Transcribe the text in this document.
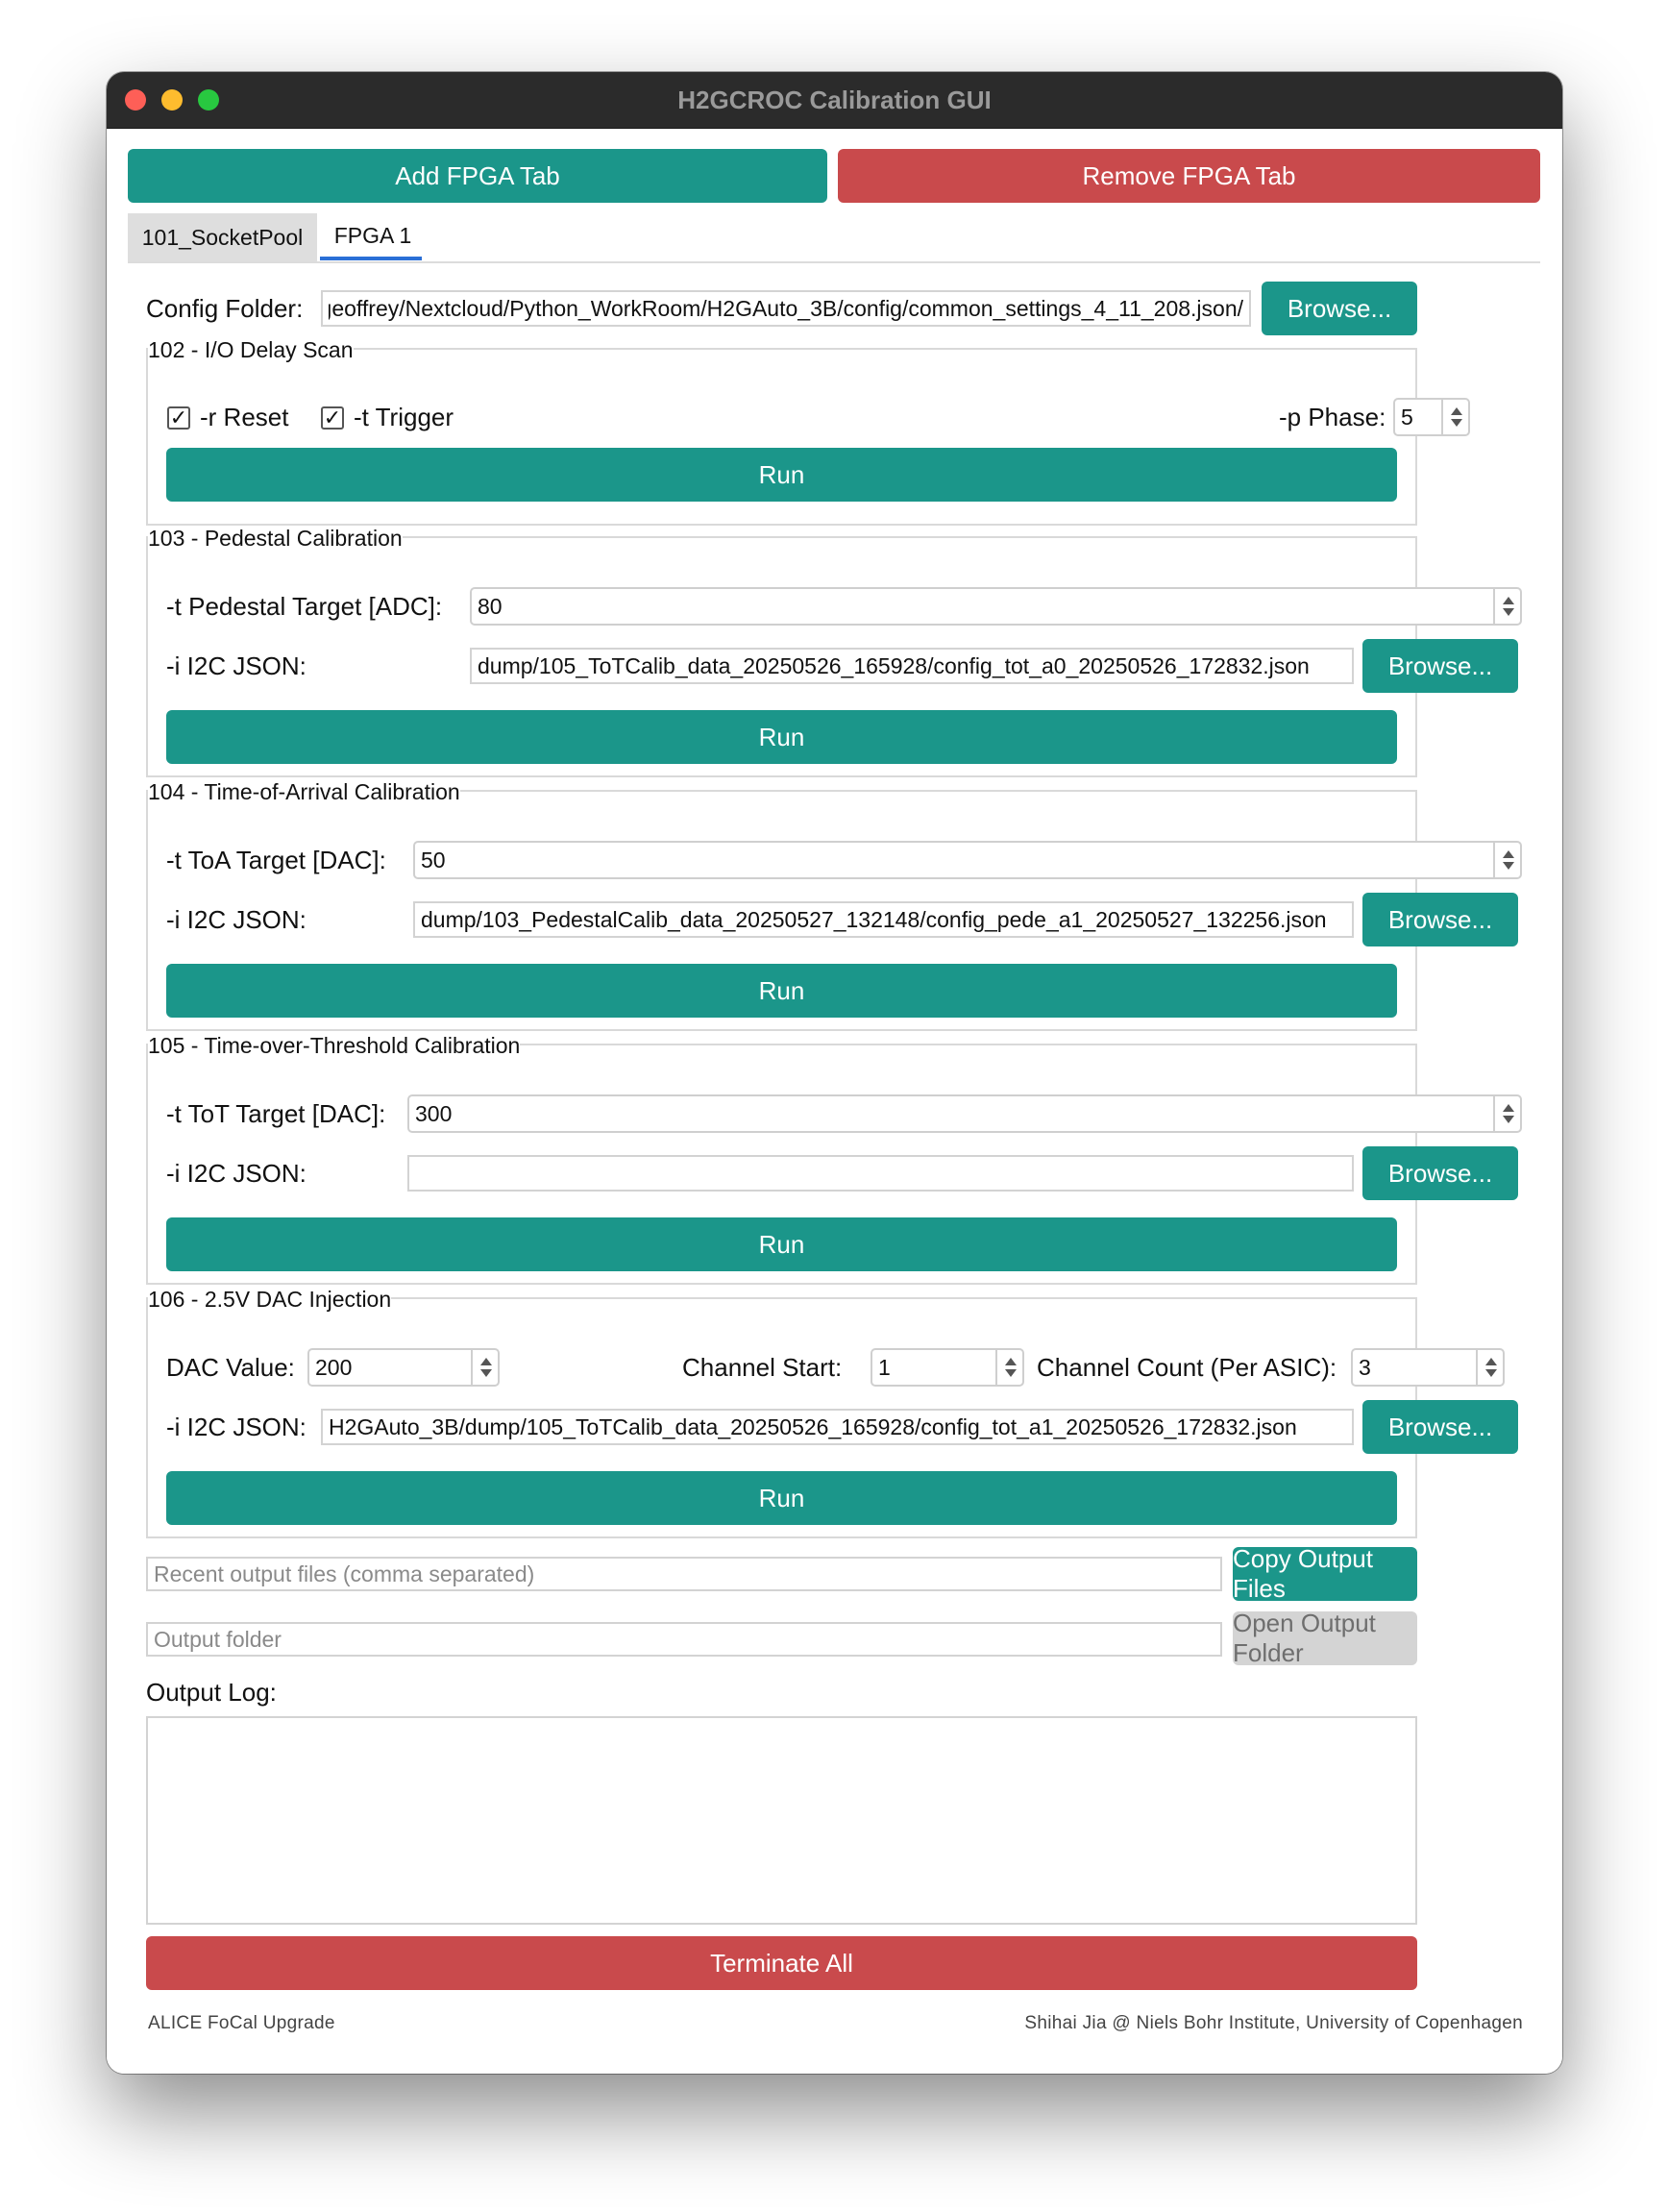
H2GCROC Calibration GUI
Add FPGA Tab	Remove FPGA Tab
101_SocketPool	FPGA 1
Config Folder:
/Users/geoffrey/Nextcloud/Python_WorkRoom/H2GAuto_3B/config/common_settings_4_11_208.json	Browse...
✓ -r Reset ✓ -t Trigger	-p Phase:
5
Run
102 - I/O Delay Scan
-t Pedestal Target [ADC]:
80
-i I2C JSON:
dump/105_ToTCalib_data_20250526_165928/config_tot_a0_20250526_172832.json	Browse...
Run
103 - Pedestal Calibration
-t ToA Target [DAC]:
50
-i I2C JSON:
dump/103_PedestalCalib_data_20250527_132148/config_pede_a1_20250527_132256.json	Browse...
Run
104 - Time-of-Arrival Calibration
-t ToT Target [DAC]:
300
-i I2C JSON:	Browse...
Run
105 - Time-over-Threshold Calibration
DAC Value:
200	Channel Start:
1	Channel Count (Per ASIC):
3
-i I2C JSON:
H2GAuto_3B/dump/105_ToTCalib_data_20250526_165928/config_tot_a1_20250526_172832.json	Browse...
Run
106 - 2.5V DAC Injection
Recent output files (comma separated)
Copy Output Files
Output folder
Open Output Folder
Output Log:
Terminate All
ALICE FoCal Upgrade	Shihai Jia @ Niels Bohr Institute, University of Copenhagen
